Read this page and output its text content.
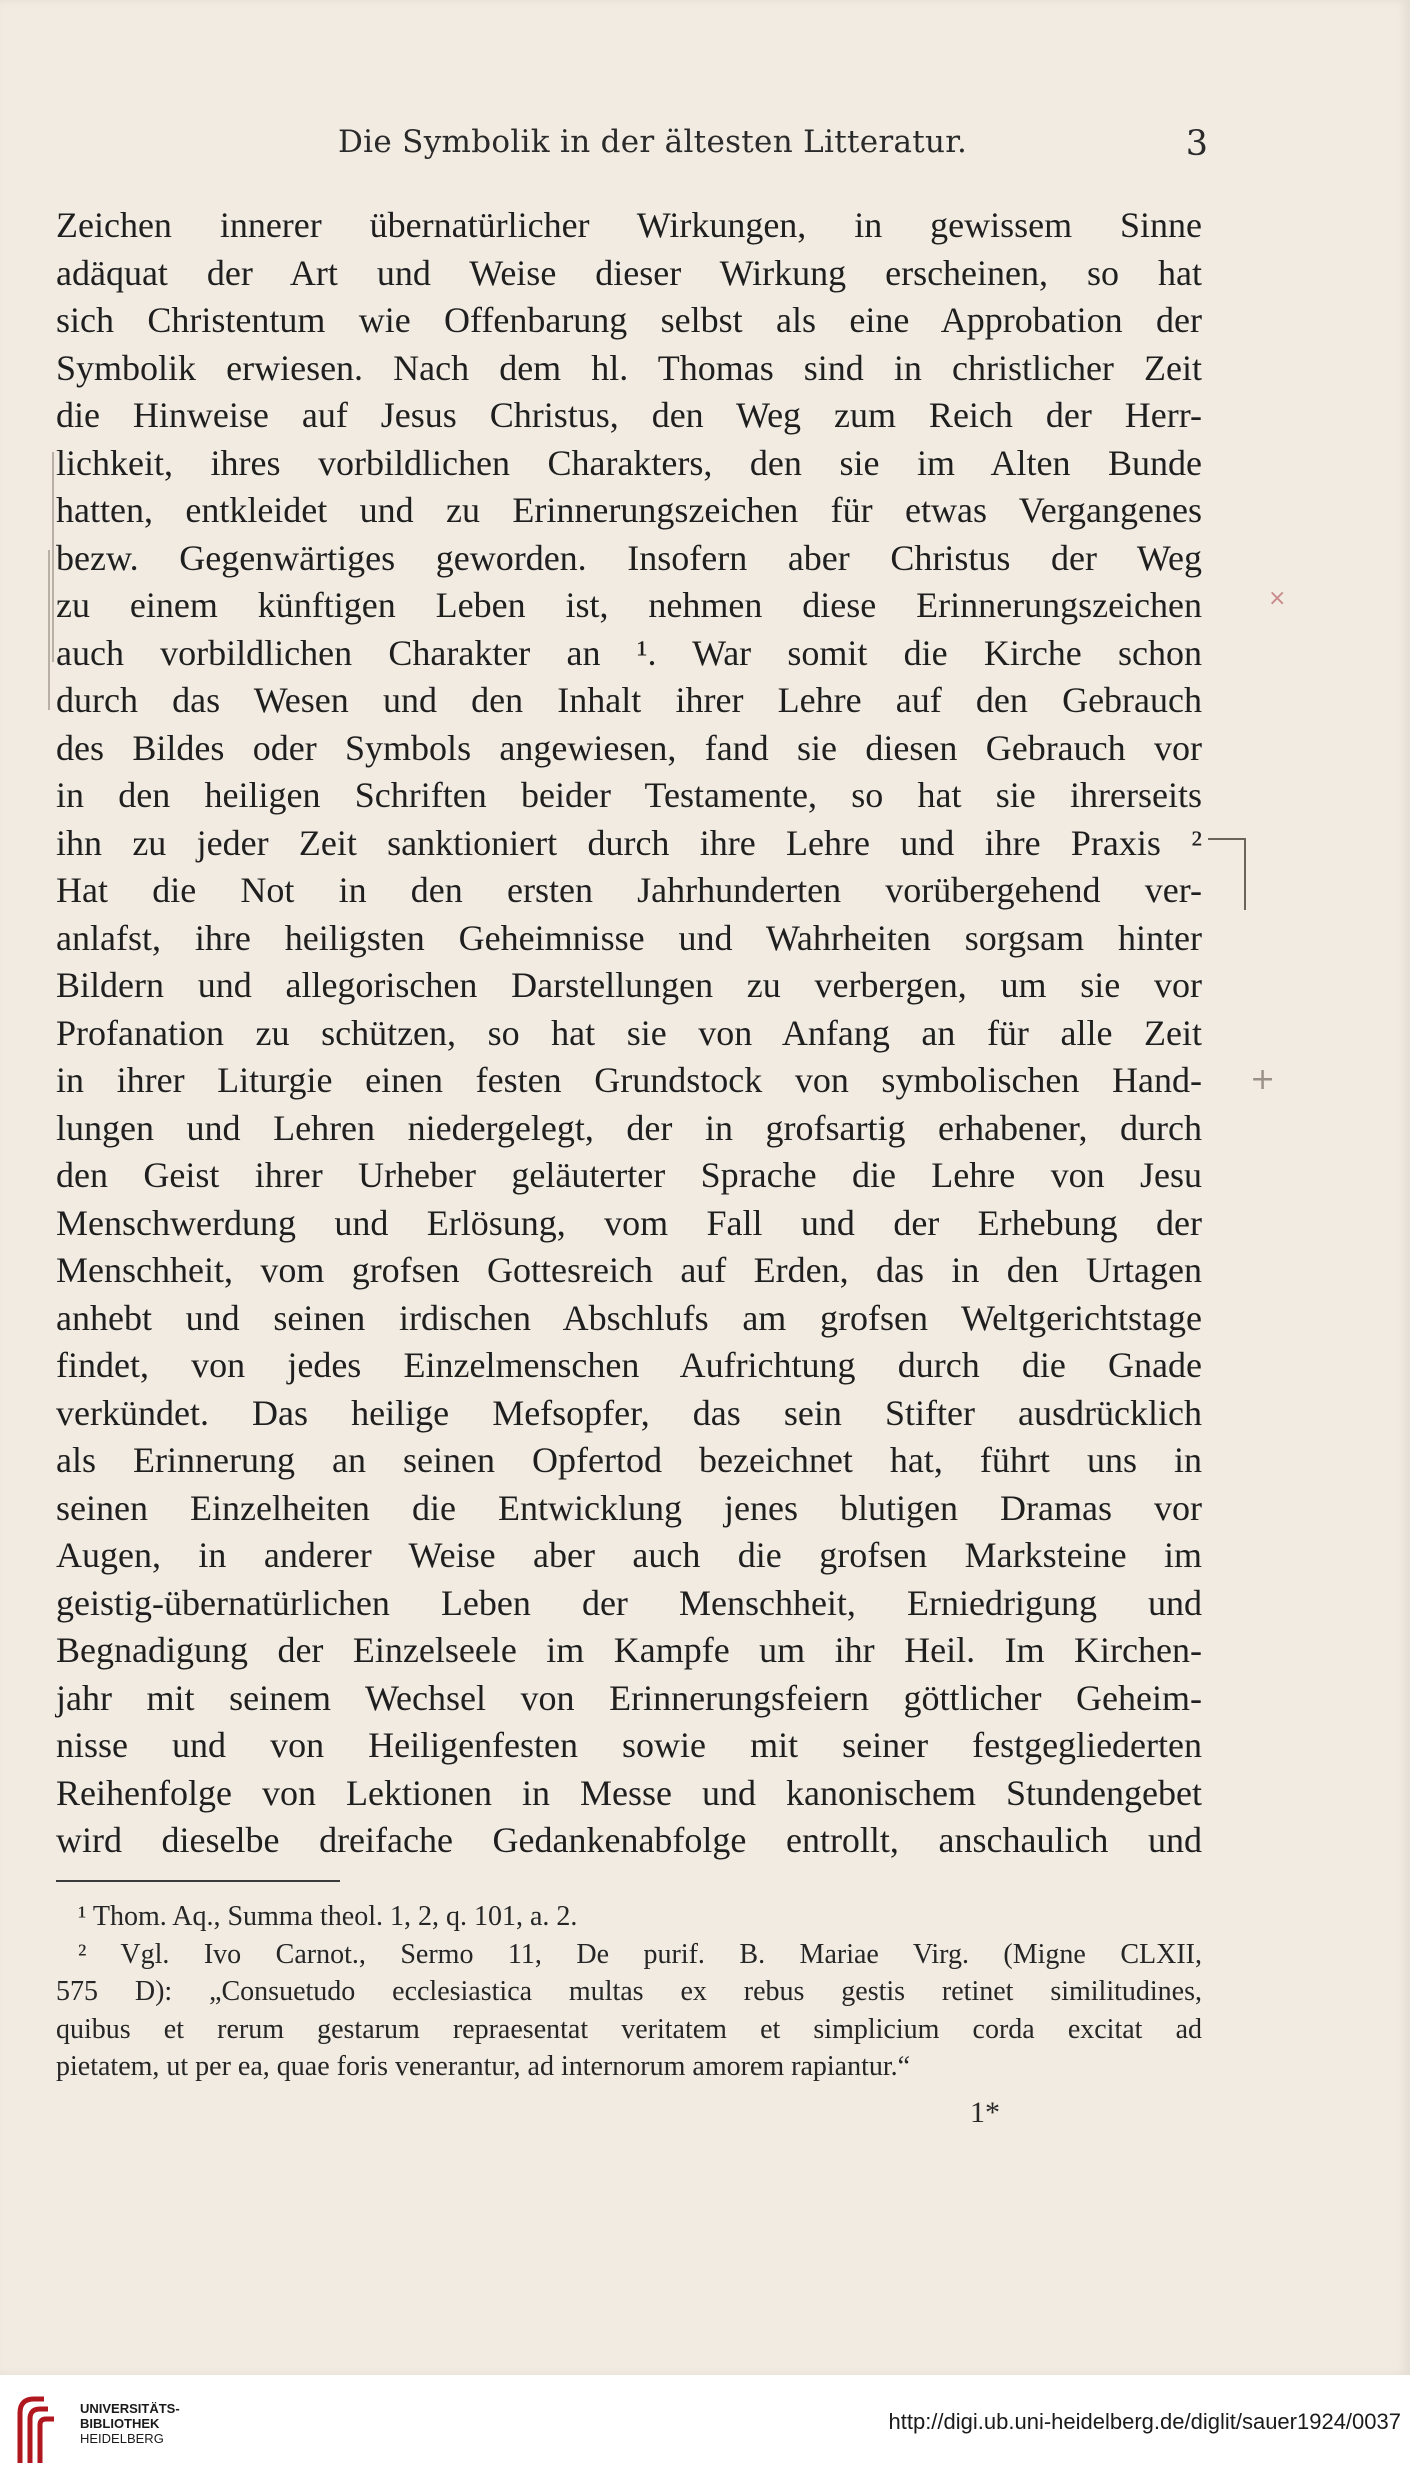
Die Symbolik in der ältesten Litteratur.	3
Zeichen innerer übernatürlicher Wirkungen, in gewissem Sinne
adäquat der Art und Weise dieser Wirkung erscheinen, so hat
sich Christentum wie Offenbarung selbst als eine Approbation der
Symbolik erwiesen. Nach dem hl. Thomas sind in christlicher Zeit
die Hinweise auf Jesus Christus, den Weg zum Reich der Herr-
lichkeit, ihres vorbildlichen Charakters, den sie im Alten Bunde
hatten, entkleidet und zu Erinnerungszeichen für etwas Vergangenes
bezw. Gegenwärtiges geworden. Insofern aber Christus der Weg
zu einem künftigen Leben ist, nehmen diese Erinnerungszeichen
auch vorbildlichen Charakter an ¹. War somit die Kirche schon
durch das Wesen und den Inhalt ihrer Lehre auf den Gebrauch
des Bildes oder Symbols angewiesen, fand sie diesen Gebrauch vor
in den heiligen Schriften beider Testamente, so hat sie ihrerseits
ihn zu jeder Zeit sanktioniert durch ihre Lehre und ihre Praxis ²
Hat die Not in den ersten Jahrhunderten vorübergehend ver-
anlafst, ihre heiligsten Geheimnisse und Wahrheiten sorgsam hinter
Bildern und allegorischen Darstellungen zu verbergen, um sie vor
Profanation zu schützen, so hat sie von Anfang an für alle Zeit
in ihrer Liturgie einen festen Grundstock von symbolischen Hand-
lungen und Lehren niedergelegt, der in grofsartig erhabener, durch
den Geist ihrer Urheber geläuterter Sprache die Lehre von Jesu
Menschwerdung und Erlösung, vom Fall und der Erhebung der
Menschheit, vom grofsen Gottesreich auf Erden, das in den Urtagen
anhebt und seinen irdischen Abschlufs am grofsen Weltgerichtstage
findet, von jedes Einzelmenschen Aufrichtung durch die Gnade
verkündet. Das heilige Mefsopfer, das sein Stifter ausdrücklich
als Erinnerung an seinen Opfertod bezeichnet hat, führt uns in
seinen Einzelheiten die Entwicklung jenes blutigen Dramas vor
Augen, in anderer Weise aber auch die grofsen Marksteine im
geistig-übernatürlichen Leben der Menschheit, Erniedrigung und
Begnadigung der Einzelseele im Kampfe um ihr Heil. Im Kirchen-
jahr mit seinem Wechsel von Erinnerungsfeiern göttlicher Geheim-
nisse und von Heiligenfesten sowie mit seiner festgegliederten
Reihenfolge von Lektionen in Messe und kanonischem Stundengebet
wird dieselbe dreifache Gedankenabfolge entrollt, anschaulich und
×
+
¹ Thom. Aq., Summa theol. 1, 2, q. 101, a. 2.
² Vgl. Ivo Carnot., Sermo 11, De purif. B. Mariae Virg. (Migne CLXII,
575 D): „Consuetudo ecclesiastica multas ex rebus gestis retinet similitudines,
quibus et rerum gestarum repraesentat veritatem et simplicium corda excitat ad
pietatem, ut per ea, quae foris venerantur, ad internorum amorem rapiantur.“
1*
UNIVERSITÄTS-
BIBLIOTHEK
HEIDELBERG
http://digi.ub.uni-heidelberg.de/diglit/sauer1924/0037
